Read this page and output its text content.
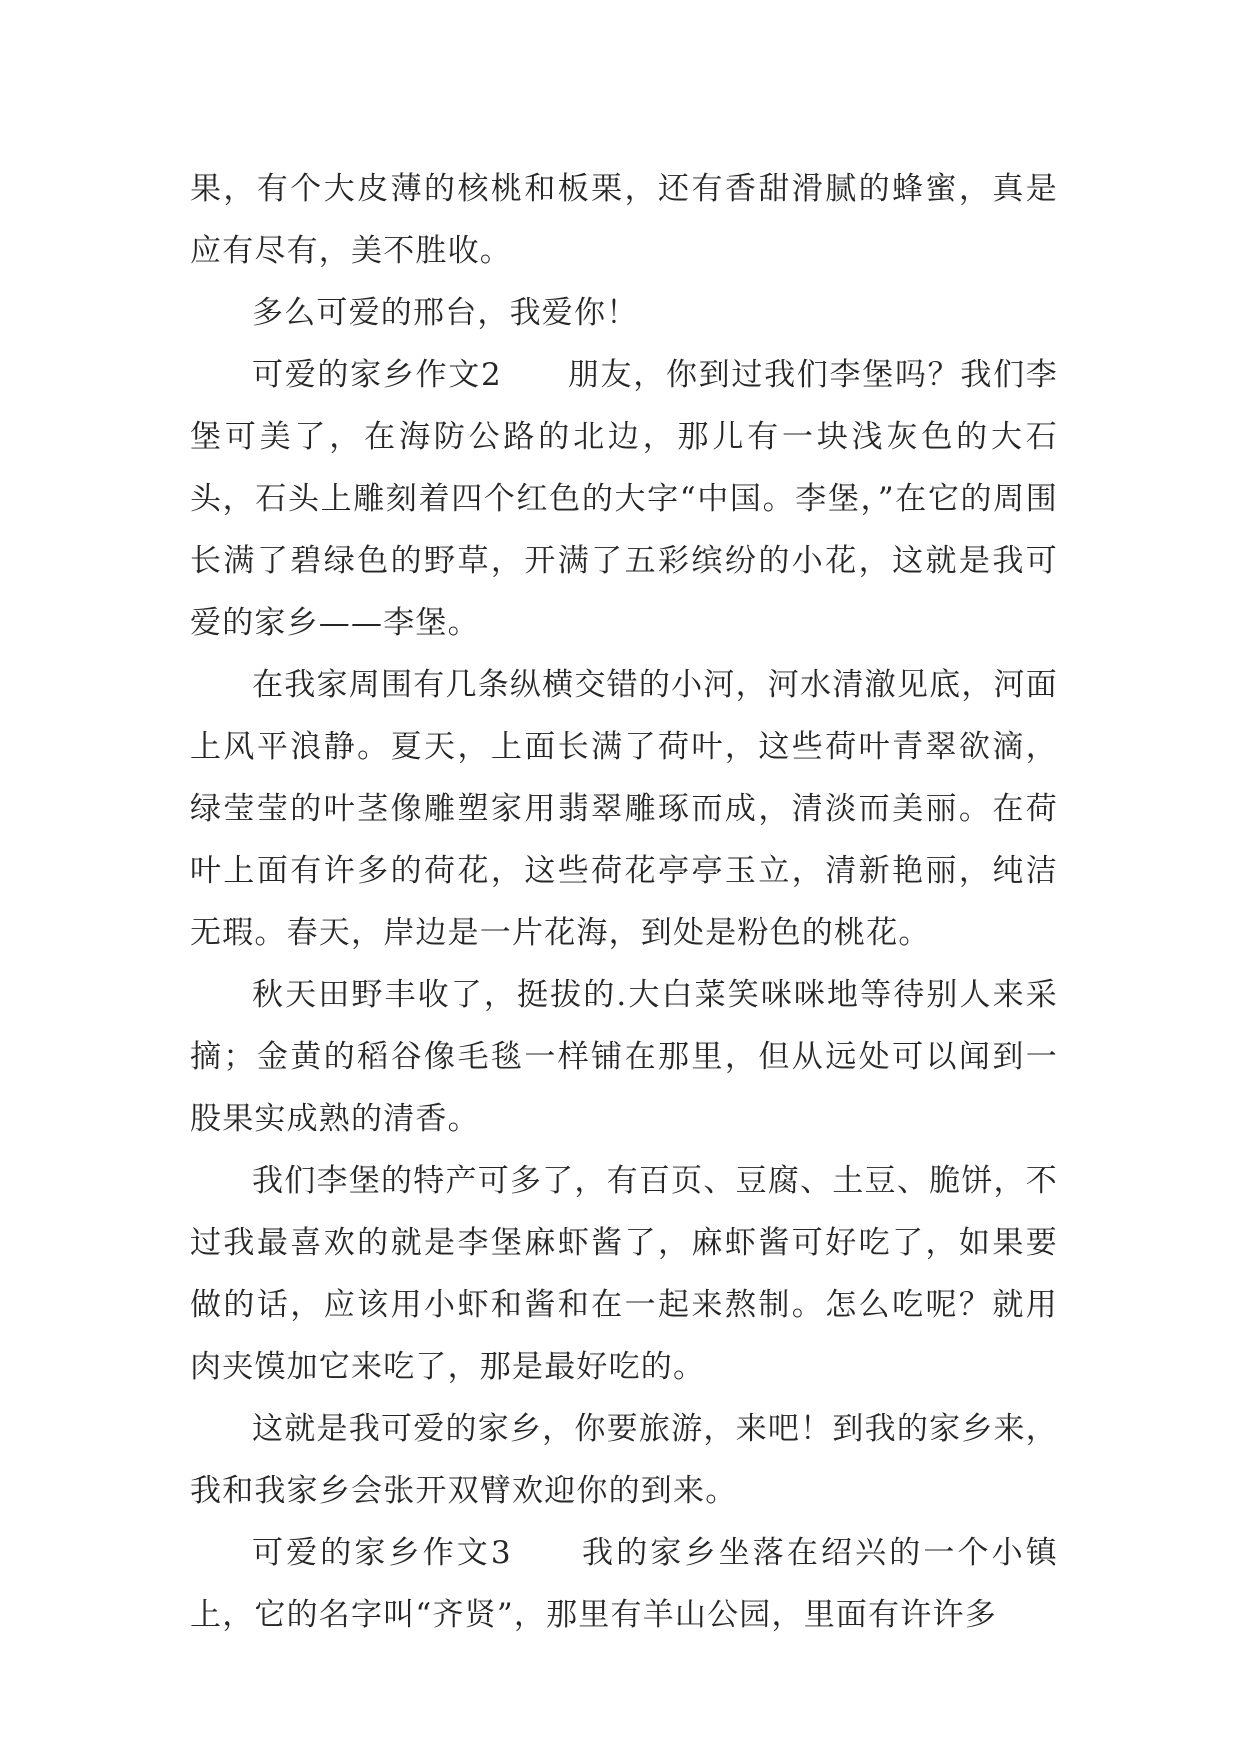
果，有个大皮薄的核桃和板栗，还有香甜滑腻的蜂蜜，真是应有尽有，美不胜收。

多么可爱的邢台，我爱你！

可爱的家乡作文2　　朋友，你到过我们李堡吗？我们李堡可美了，在海防公路的北边，那儿有一块浅灰色的大石头，石头上雕刻着四个红色的大字“中国。李堡，”在它的周围长满了碧绿色的野草，开满了五彩缤纷的小花，这就是我可爱的家乡——李堡。

在我家周围有几条纵横交错的小河，河水清澈见底，河面上风平浪静。夏天，上面长满了荷叶，这些荷叶青翠欲滴，绿莹莹的叶茎像雕塑家用翡翠雕琢而成，清淡而美丽。在荷叶上面有许多的荷花，这些荷花亭亭玉立，清新艳丽，纯洁无瑕。春天，岸边是一片花海，到处是粉色的桃花。

秋天田野丰收了，挺拔的.大白菜笑咪咪地等待别人来采摘；金黄的稻谷像毛毯一样铺在那里，但从远处可以闻到一股果实成熟的清香。

我们李堡的特产可多了，有百页、豆腐、土豆、脆饼，不过我最喜欢的就是李堡麻虾酱了，麻虾酱可好吃了，如果要做的话，应该用小虾和酱和在一起来熬制。怎么吃呢？就用肉夹馍加它来吃了，那是最好吃的。

这就是我可爱的家乡，你要旅游，来吧！到我的家乡来，我和我家乡会张开双臂欢迎你的到来。

可爱的家乡作文3　　我的家乡坐落在绍兴的一个小镇上，它的名字叫“齐贤”，那里有羊山公园，里面有许许多
